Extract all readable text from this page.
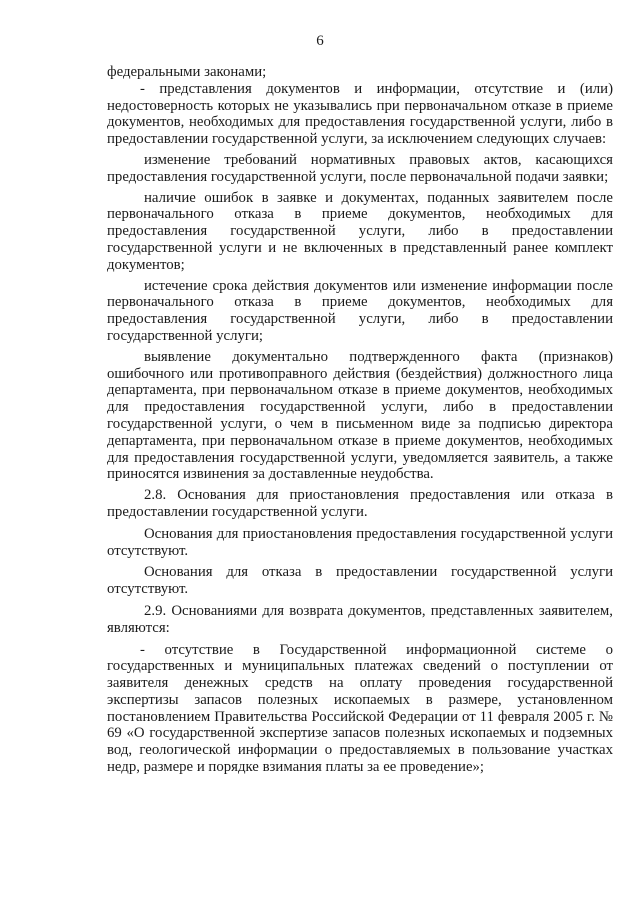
6

федеральными законами;

- представления документов и информации, отсутствие и (или) недостоверность которых не указывались при первоначальном отказе в приеме документов, необходимых для предоставления государственной услуги, либо в предоставлении государственной услуги, за исключением следующих случаев:

изменение требований нормативных правовых актов, касающихся предоставления государственной услуги, после первоначальной подачи заявки;

наличие ошибок в заявке и документах, поданных заявителем после первоначального отказа в приеме документов, необходимых для предоставления государственной услуги, либо в предоставлении государственной услуги и не включенных в представленный ранее комплект документов;

истечение срока действия документов или изменение информации после первоначального отказа в приеме документов, необходимых для предоставления государственной услуги, либо в предоставлении государственной услуги;

выявление документально подтвержденного факта (признаков) ошибочного или противоправного действия (бездействия) должностного лица департамента, при первоначальном отказе в приеме документов, необходимых для предоставления государственной услуги, либо в предоставлении государственной услуги, о чем в письменном виде за подписью директора департамента, при первоначальном отказе в приеме документов, необходимых для предоставления государственной услуги, уведомляется заявитель, а также приносятся извинения за доставленные неудобства.

2.8. Основания для приостановления предоставления или отказа в предоставлении государственной услуги.

Основания для приостановления предоставления государственной услуги отсутствуют.

Основания для отказа в предоставлении государственной услуги отсутствуют.

2.9. Основаниями для возврата документов, представленных заявителем, являются:

- отсутствие в Государственной информационной системе о государственных и муниципальных платежах сведений о поступлении от заявителя денежных средств на оплату проведения государственной экспертизы запасов полезных ископаемых в размере, установленном постановлением Правительства Российской Федерации от 11 февраля 2005 г. № 69 «О государственной экспертизе запасов полезных ископаемых и подземных вод, геологической информации о предоставляемых в пользование участках недр, размере и порядке взимания платы за ее проведение»;
